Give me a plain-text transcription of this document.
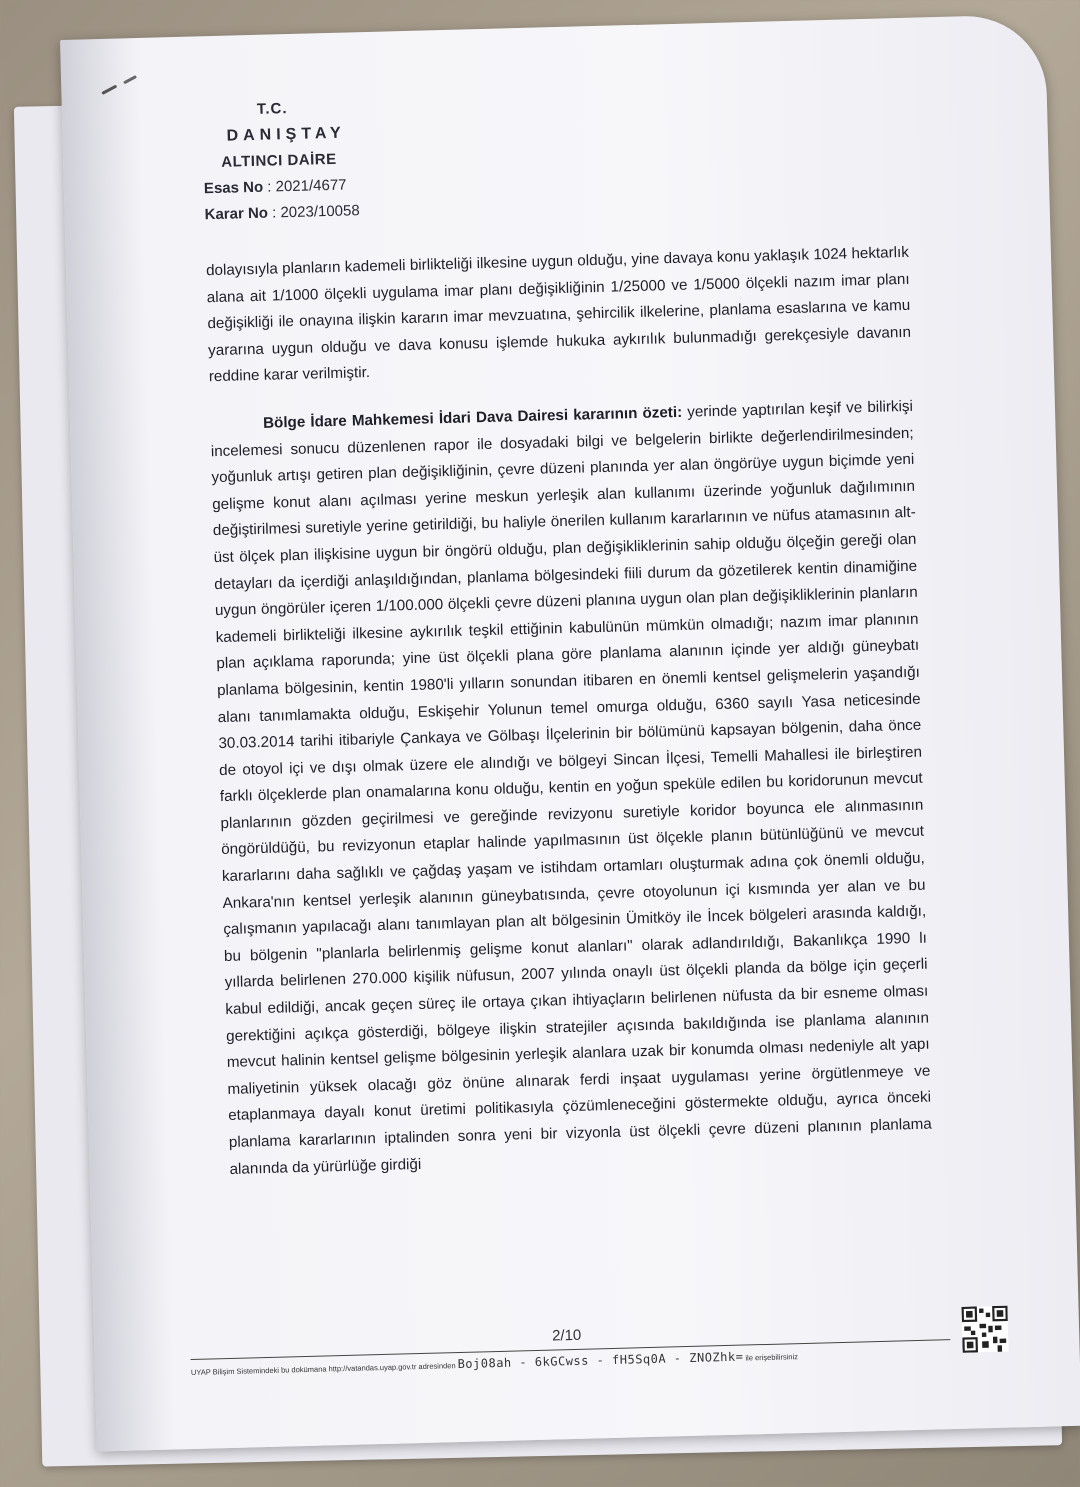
T.C.
DANIŞTAY
ALTINCI DAİRE
Esas No : 2021/4677
Karar No : 2023/10058

dolayısıyla planların kademeli birlikteliği ilkesine uygun olduğu, yine davaya konu yaklaşık 1024 hektarlık alana ait 1/1000 ölçekli uygulama imar planı değişikliğinin 1/25000 ve 1/5000 ölçekli nazım imar planı değişikliği ile onayına ilişkin kararın imar mevzuatına, şehircilik ilkelerine, planlama esaslarına ve kamu yararına uygun olduğu ve dava konusu işlemde hukuka aykırılık bulunmadığı gerekçesiyle davanın reddine karar verilmiştir.

Bölge İdare Mahkemesi İdari Dava Dairesi kararının özeti: yerinde yaptırılan keşif ve bilirkişi incelemesi sonucu düzenlenen rapor ile dosyadaki bilgi ve belgelerin birlikte değerlendirilmesinden; yoğunluk artışı getiren plan değişikliğinin, çevre düzeni planında yer alan öngörüye uygun biçimde yeni gelişme konut alanı açılması yerine meskun yerleşik alan kullanımı üzerinde yoğunluk dağılımının değiştirilmesi suretiyle yerine getirildiği, bu haliyle önerilen kullanım kararlarının ve nüfus atamasının alt-üst ölçek plan ilişkisine uygun bir öngörü olduğu, plan değişikliklerinin sahip olduğu ölçeğin gereği olan detayları da içerdiği anlaşıldığından, planlama bölgesindeki fiili durum da gözetilerek kentin dinamiğine uygun öngörüler içeren 1/100.000 ölçekli çevre düzeni planına uygun olan plan değişikliklerinin planların kademeli birlikteliği ilkesine aykırılık teşkil ettiğinin kabulünün mümkün olmadığı; nazım imar planının plan açıklama raporunda; yine üst ölçekli plana göre planlama alanının içinde yer aldığı güneybatı planlama bölgesinin, kentin 1980'li yılların sonundan itibaren en önemli kentsel gelişmelerin yaşandığı alanı tanımlamakta olduğu, Eskişehir Yolunun temel omurga olduğu, 6360 sayılı Yasa neticesinde 30.03.2014 tarihi itibariyle Çankaya ve Gölbaşı İlçelerinin bir bölümünü kapsayan bölgenin, daha önce de otoyol içi ve dışı olmak üzere ele alındığı ve bölgeyi Sincan İlçesi, Temelli Mahallesi ile birleştiren farklı ölçeklerde plan onamalarına konu olduğu, kentin en yoğun speküle edilen bu koridorunun mevcut planlarının gözden geçirilmesi ve gereğinde revizyonu suretiyle koridor boyunca ele alınmasının öngörüldüğü, bu revizyonun etaplar halinde yapılmasının üst ölçekle planın bütünlüğünü ve mevcut kararlarını daha sağlıklı ve çağdaş yaşam ve istihdam ortamları oluşturmak adına çok önemli olduğu, Ankara'nın kentsel yerleşik alanının güneybatısında, çevre otoyolunun içi kısmında yer alan ve bu çalışmanın yapılacağı alanı tanımlayan plan alt bölgesinin Ümitköy ile İncek bölgeleri arasında kaldığı, bu bölgenin "planlarla belirlenmiş gelişme konut alanları" olarak adlandırıldığı, Bakanlıkça 1990 lı yıllarda belirlenen 270.000 kişilik nüfusun, 2007 yılında onaylı üst ölçekli planda da bölge için geçerli kabul edildiği, ancak geçen süreç ile ortaya çıkan ihtiyaçların belirlenen nüfusta da bir esneme olması gerektiğini açıkça gösterdiği, bölgeye ilişkin stratejiler açısında bakıldığında ise planlama alanının mevcut halinin kentsel gelişme bölgesinin yerleşik alanlara uzak bir konumda olması nedeniyle alt yapı maliyetinin yüksek olacağı göz önüne alınarak ferdi inşaat uygulaması yerine örgütlenmeye ve etaplanmaya dayalı konut üretimi politikasıyla çözümleneceğini göstermekte olduğu, ayrıca önceki planlama kararlarının iptalinden sonra yeni bir vizyonla üst ölçekli çevre düzeni planının planlama alanında da yürürlüğe girdiği

2/10
UYAP Bilişim Sistemindeki bu dokümana http://vatandas.uyap.gov.tr adresinden Boj08ah - 6kGCwss - fH5Sq0A - ZNOZhk= ile erişebilirsiniz
